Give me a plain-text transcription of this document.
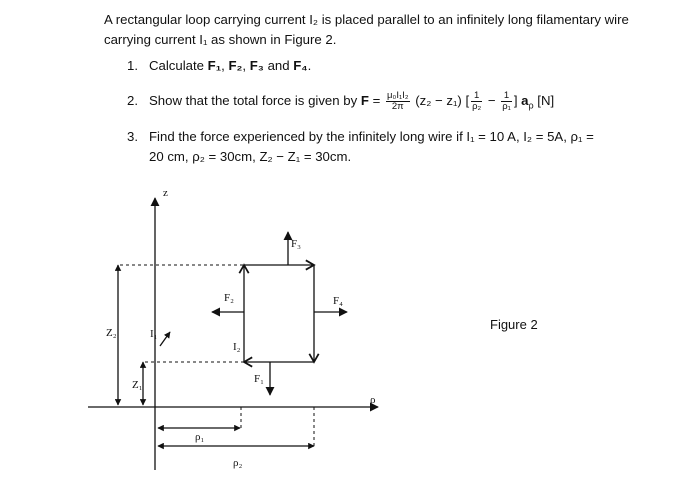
A rectangular loop carrying current I₂ is placed parallel to an infinitely long filamentary wire
carrying current I₁ as shown in Figure 2.
1. Calculate F₁, F₂, F₃ and F₄.
2. Show that the total force is given by $F = \frac{\text{μ₀I₁I₂}}{2\pi} (z_2 - z_1)$ [ $\frac{1}{\text{ρ₂}} - \frac{1}{\text{ρ₁}}$ ] $a_\rho$ [N]
3. Find the force experienced by the infinitely long wire if I₁ = 10 A, I₂ = 5A, ρ₁ =
20 cm, ρ₂ = 30cm, Z₂ − Z₁ = 30cm.
z
ρ
Z₂
Z₁
I₁
I₂
F₂	F₄
F₃
F₁
ρ₁
ρ₂
Figure 2
